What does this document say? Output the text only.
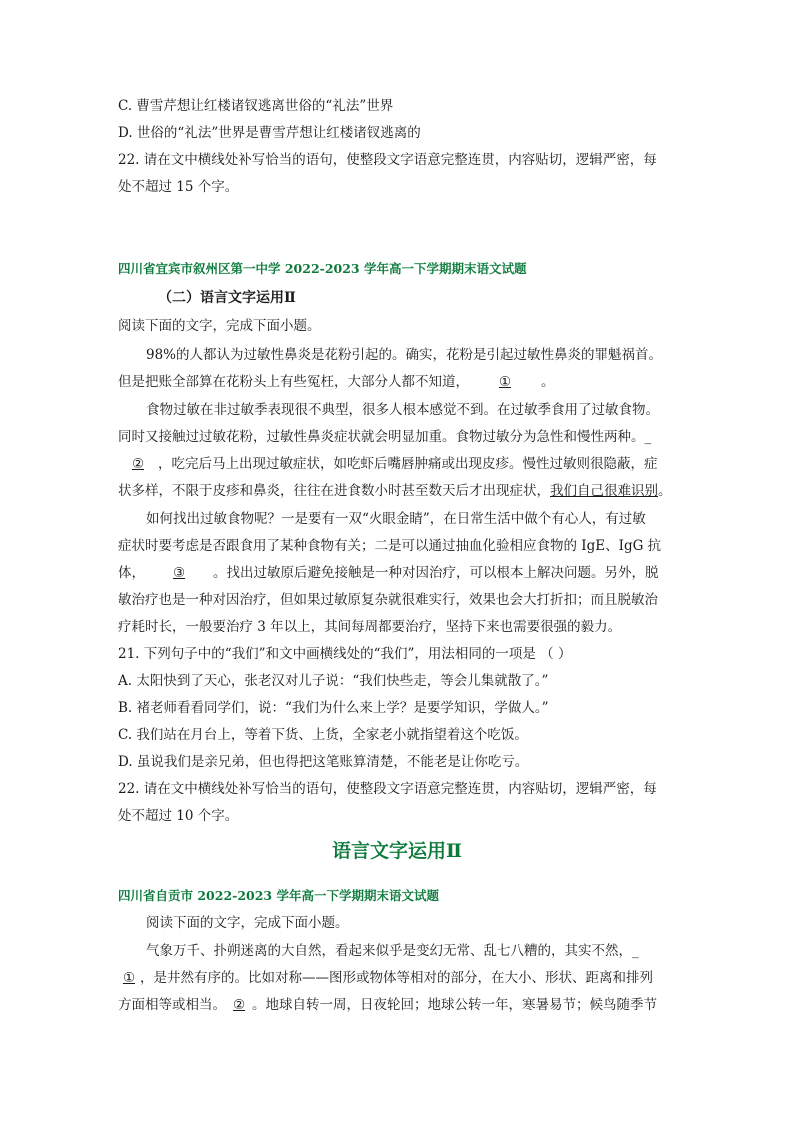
C. 曹雪芹想让红楼诸钗逃离世俗的“礼法”世界
D. 世俗的“礼法”世界是曹雪芹想让红楼诸钗逃离的
22. 请在文中横线处补写恰当的语句，使整段文字语意完整连贯，内容贴切，逻辑严密，每
处不超过 15 个字。
四川省宜宾市叙州区第一中学 2022-2023 学年高一下学期期末语文试题
（二）语言文字运用Ⅱ
阅读下面的文字，完成下面小题。
98%的人都认为过敏性鼻炎是花粉引起的。确实，花粉是引起过敏性鼻炎的罪魁祸首。
但是把账全部算在花粉头上有些冤枉，大部分人都不知道， ① 。
食物过敏在非过敏季表现很不典型，很多人根本感觉不到。在过敏季食用了过敏食物。
同时又接触过过敏花粉，过敏性鼻炎症状就会明显加重。食物过敏分为急性和慢性两种。_
② ，吃完后马上出现过敏症状，如吃虾后嘴唇肿痛或出现皮疹。慢性过敏则很隐蔽，症
状多样，不限于皮疹和鼻炎，往往在进食数小时甚至数天后才出现症状，我们自己很难识别。
如何找出过敏食物呢？一是要有一双“火眼金睛”，在日常生活中做个有心人，有过敏
症状时要考虑是否跟食用了某种食物有关；二是可以通过抽血化验相应食物的 IgE、IgG 抗
体， ③ 。找出过敏原后避免接触是一种对因治疗，可以根本上解决问题。另外，脱
敏治疗也是一种对因治疗，但如果过敏原复杂就很难实行，效果也会大打折扣；而且脱敏治
疗耗时长，一般要治疗 3 年以上，其间每周都要治疗，坚持下来也需要很强的毅力。
21. 下列句子中的“我们”和文中画横线处的“我们”，用法相同的一项是 （ ）
A. 太阳快到了天心，张老汉对儿子说：“我们快些走，等会儿集就散了。”
B. 褚老师看看同学们，说：“我们为什么来上学？是要学知识，学做人。”
C. 我们站在月台上，等着下货、上货，全家老小就指望着这个吃饭。
D. 虽说我们是亲兄弟，但也得把这笔账算清楚，不能老是让你吃亏。
22. 请在文中横线处补写恰当的语句，使整段文字语意完整连贯，内容贴切，逻辑严密，每
处不超过 10 个字。
语言文字运用Ⅱ
四川省自贡市 2022-2023 学年高一下学期期末语文试题
阅读下面的文字，完成下面小题。
气象万千、扑朔迷离的大自然，看起来似乎是变幻无常、乱七八糟的，其实不然，_
① ，是井然有序的。比如对称——图形或物体等相对的部分，在大小、形状、距离和排列
方面相等或相当。 ② 。地球自转一周，日夜轮回；地球公转一年，寒暑易节；候鸟随季节
